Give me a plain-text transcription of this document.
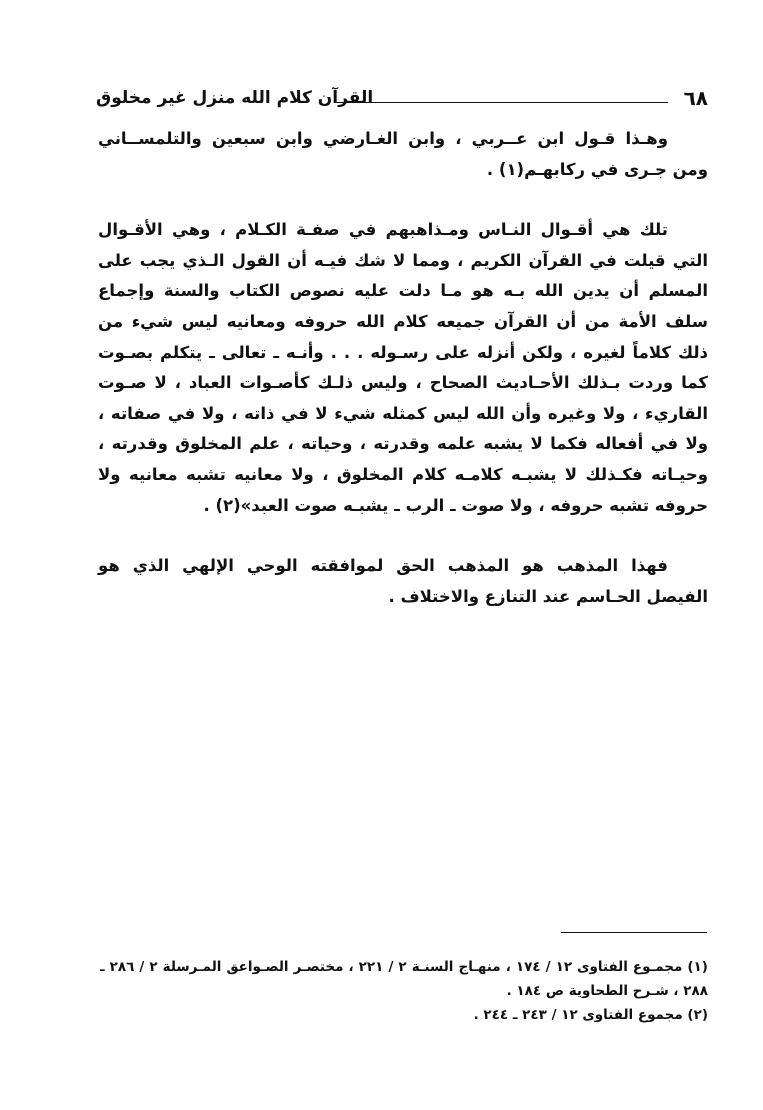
٦٨
القرآن كلام الله منزل غير مخلوق

وهـذا قـول ابن عــربي ، وابن الغـارضي وابن سبعين والتلمســاني ومن جـرى في ركابهـم(١) .

تلك هي أقـوال النـاس ومـذاهبهم في صفـة الكـلام ، وهي الأقـوال التي قيلت في القرآن الكريم ، ومما لا شك فيـه أن القول الـذي يجب على المسلم أن يدين الله بـه هو مـا دلت عليه نصوص الكتاب والسنة وإجماع سلف الأمة من أن القرآن جميعه كلام الله حروفه ومعانيه ليس شيء من ذلك كلاماً لغيره ، ولكن أنزله على رسـوله . . . وأنـه ـ تعالى ـ يتكلم بصـوت كما وردت بـذلك الأحـاديث الصحاح ، وليس ذلـك كأصـوات العباد ، لا صـوت القاريء ، ولا وغيره وأن الله ليس كمثله شيء لا في ذاته ، ولا في صفاته ، ولا في أفعاله فكما لا يشبه علمه وقدرته ، وحياته ، علم المخلوق وقدرته ، وحيـاته فكـذلك لا يشبـه كلامـه كلام المخلوق ، ولا معانيه تشبه معانيه ولا حروفه تشبه حروفه ، ولا صوت ـ الرب ـ يشبـه صوت العبد»(٢) .

فهذا المذهب هو المذهب الحق لموافقته الوحي الإلهي الذي هو الفيصل الحـاسم عند التنازع والاختلاف .

(١) مجمـوع الفتاوى ١٢ / ١٧٤ ، منهـاج السنـة ٢ / ٢٢١ ، مختصـر الصـواعق المـرسلة ٢ / ٢٨٦ ـ ٢٨٨ ، شـرح الطحاوية ص ١٨٤ .
(٢) مجموع الفتاوى ١٢ / ٢٤٣ ـ ٢٤٤ .
